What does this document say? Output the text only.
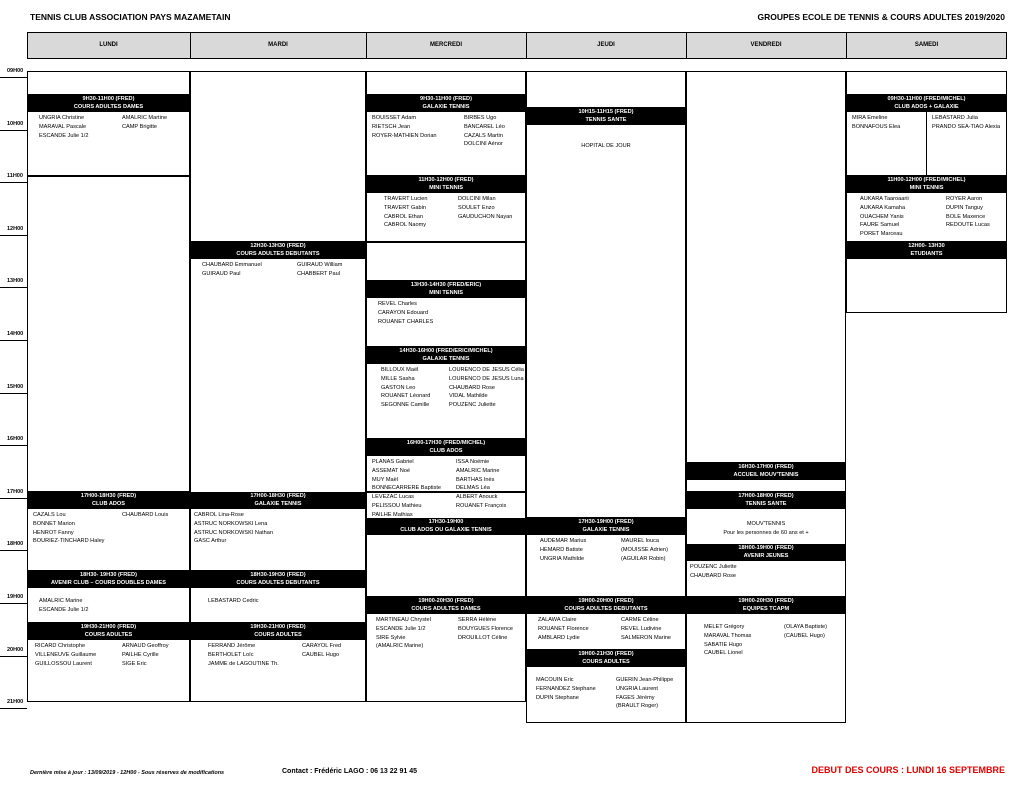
TENNIS CLUB ASSOCIATION PAYS MAZAMETAIN	GROUPES ECOLE DE TENNIS & COURS ADULTES 2019/2020
LUNDI	MARDI	MERCREDI	JEUDI	VENDREDI	SAMEDI
09H00
10H00
11H00
12H00
13H00
14H00
15H00
16H00
17H00
18H00
19H00
20H00
21H00
9H30-11H00 (FRED)
COURS ADULTES DAMES
UNGRIA Christine	AMALRIC Martine
MARAVAL Pascale	CAMP Brigitte
ESCANDE Julie 1/2
17H00-18H30 (FRED)
CLUB ADOS
CAZALS Lou	CHAUBARD Louis
BONNET Marion
HENROT Fanny
BOURIEZ-TINCHARD Haley
18H30- 19H30 (FRED)
AVENIR CLUB – COURS DOUBLES DAMES
AMALRIC Marine
ESCANDE Julie 1/2
19H30-21H00 (FRED)
COURS ADULTES
RICARD Christophe	ARNAUD Geoffroy
VILLENEUVE Guillaume	PAILHE Cyrille
GUILLOSSOU Laurent	SIGE Eric
12H30-13H30 (FRED)
COURS ADULTES DEBUTANTS
CHAUBARD Emmanuel	GUIRAUD William
GUIRAUD Paul	CHABBERT Paul
17H00-18H30 (FRED)
GALAXIE TENNIS
CABROL Lina-Rose
ASTRUC NORKOWSKI Lena
ASTRUC NORKOWSKI Nathan
GASC Arthur
18H30-19H30 (FRED)
COURS ADULTES DEBUTANTS
LEBASTARD Cedric
19H30-21H00 (FRED)
COURS ADULTES
FERRAND Jérôme	CARAYOL Fred
BERTHOLET Loïc	CAUBEL Hugo
JAMME de LAGOUTINE Th.
9H30-11H00 (FRED)
GALAXIE TENNIS
BOUISSET Adam	BIRBES Ugo
RIETSCH Jean	BANCAREL Léo
ROYER-MATHIEN Dorian	CAZALS Martin
DOLCINI Aénor
11H30-12H00 (FRED)
MINI TENNIS
TRAVERT Lucien	DOLCINI Milan
TRAVERT Gabin	SOULET Enzo
CABROL Ethan	GAUDUCHON Nayan
CABROL Naomy
13H30-14H30 (FRED/ERIC)
MINI TENNIS
REVEL Charles
CARAYON Edouard
ROUANET CHARLES
14H30-16H00 (FRED/ERIC/MICHEL)
GALAXIE TENNIS
BILLOUX Maël	LOURENCO DE JESUS Célia
MILLE Sasha	LOURENCO DE JESUS Luna
GASTON Leo	CHAUBARD Rose
ROUANET Léonard	VIDAL Mathilde
SEGONNE Camille	POUZENC Juliette
16H00-17H30 (FRED/MICHEL)
CLUB ADOS
PLANAS Gabriel	ISSA Noémie
ASSEMAT Noé	AMALRIC Marine
MUY Maël	BARTHAS Inès
BONNECARRERE Baptiste	DELMAS Léa
LEVEZAC Lucas	ALBERT Anouck
PELISSOU Mathieu	ROUANET François
PAILHE Mathias
17H30-19H00
CLUB ADOS OU GALAXIE TENNIS
19H00-20H30 (FRED)
COURS ADULTES DAMES
MARTINEAU Chrystel	SERRA Hélène
ESCANDE Julie 1/2	BOUYGUES Florence
SIRE Sylvie	DROUILLOT Céline
(AMALRIC Marine)
10H15-11H15 (FRED)
TENNIS SANTE
HOPITAL DE JOUR
17H30-19H00 (FRED)
GALAXIE TENNIS
AUDEMAR Marius	MAUREL louca
HEMARD Batiste	(MOUISSE Adrien)
UNGRIA Mathilde	(AGUILAR Robin)
19H00-20H00 (FRED)
COURS ADULTES DEBUTANTS
ZALAWA Claire	CARME Céline
ROUANET Florence	REVEL Ludivine
AMBLARD Lydie	SALMERON Marine
19H00-21H30 (FRED)
COURS ADULTES
MACOUIN Eric	GUERIN Jean-Philippe
FERNANDEZ Stephane	UNGRIA Laurent
DUPIN Stephane	FAGES Jérémy
(BRAULT Roger)
16H30-17H00 (FRED)
ACCUEIL MOUV'TENNIS
17H00-18H00 (FRED)
TENNIS SANTE
MOUV'TENNIS
Pour les personnes de 60 ans et +
18H00-19H00 (FRED)
AVENIR JEUNES
POUZENC Juliette
CHAUBARD Rose
19H00-20H30 (FRED)
EQUIPES TCAPM
MELET Grégory	(OLAYA Baptiste)
MARAVAL Thomas	(CAUBEL Hugo)
SABATIE Hugo
CAUBEL Lionel
09H30-11H00 (FRED/MICHEL)
CLUB ADOS + GALAXIE
MIRA Emeline	LEBASTARD Julia
BONNAFOUS Elea	PRANDO SEA-TIAO Alexia
11H00-12H00 (FRED/MICHEL)
MINI TENNIS
AUKARA Taaroaarii	ROYER Aaron
AUKARA Kamaha	DUPIN Tanguy
OUACHEM Yanis	BOLE Maxence
FAURE Samuel	REDOUTE Lucas
PORET Marceau
12H00- 13H30
ETUDIANTS
Dernière mise à jour : 13/09/2019 - 12H00 - Sous réserves de modifications	Contact : Frédéric LAGO : 06 13 22 91 45	DEBUT DES COURS : LUNDI 16 SEPTEMBRE
